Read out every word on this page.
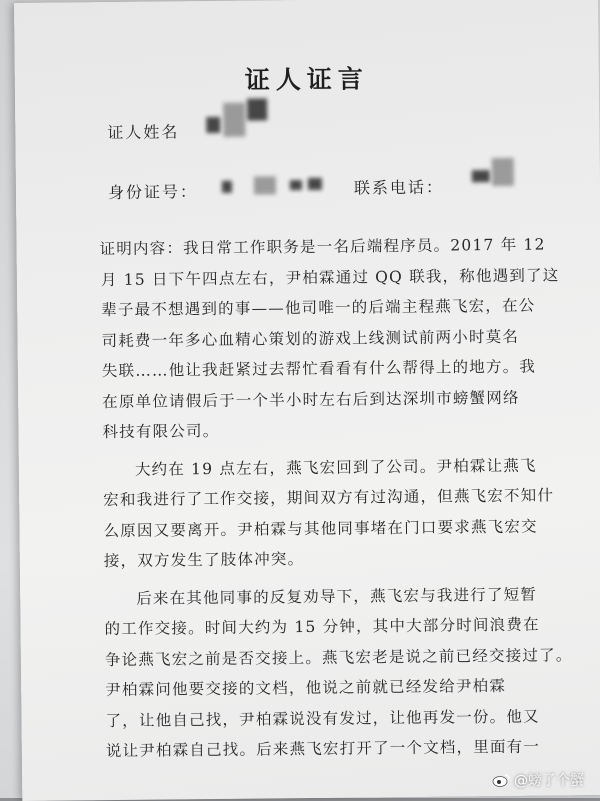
证人证言
证人姓名
身份证号：	联系电话：

证明内容：我日常工作职务是一名后端程序员。2017 年 12
月 15 日下午四点左右，尹柏霖通过 QQ 联我，称他遇到了这
辈子最不想遇到的事——他司唯一的后端主程燕飞宏，在公
司耗费一年多心血精心策划的游戏上线测试前两小时莫名
失联……他让我赶紧过去帮忙看看有什么帮得上的地方。我
在原单位请假后于一个半小时左右后到达深圳市螃蟹网络
科技有限公司。

大约在 19 点左右，燕飞宏回到了公司。尹柏霖让燕飞
宏和我进行了工作交接，期间双方有过沟通，但燕飞宏不知什
么原因又要离开。尹柏霖与其他同事堵在门口要求燕飞宏交
接，双方发生了肢体冲突。

后来在其他同事的反复劝导下，燕飞宏与我进行了短暂
的工作交接。时间大约为 15 分钟，其中大部分时间浪费在
争论燕飞宏之前是否交接上。燕飞宏老是说之前已经交接过了。
尹柏霖问他要交接的文档，他说之前就已经发给尹柏霖
了，让他自己找，尹柏霖说没有发过，让他再发一份。他又
说让尹柏霖自己找。后来燕飞宏打开了一个文档，里面有一

@螃了个蟹
